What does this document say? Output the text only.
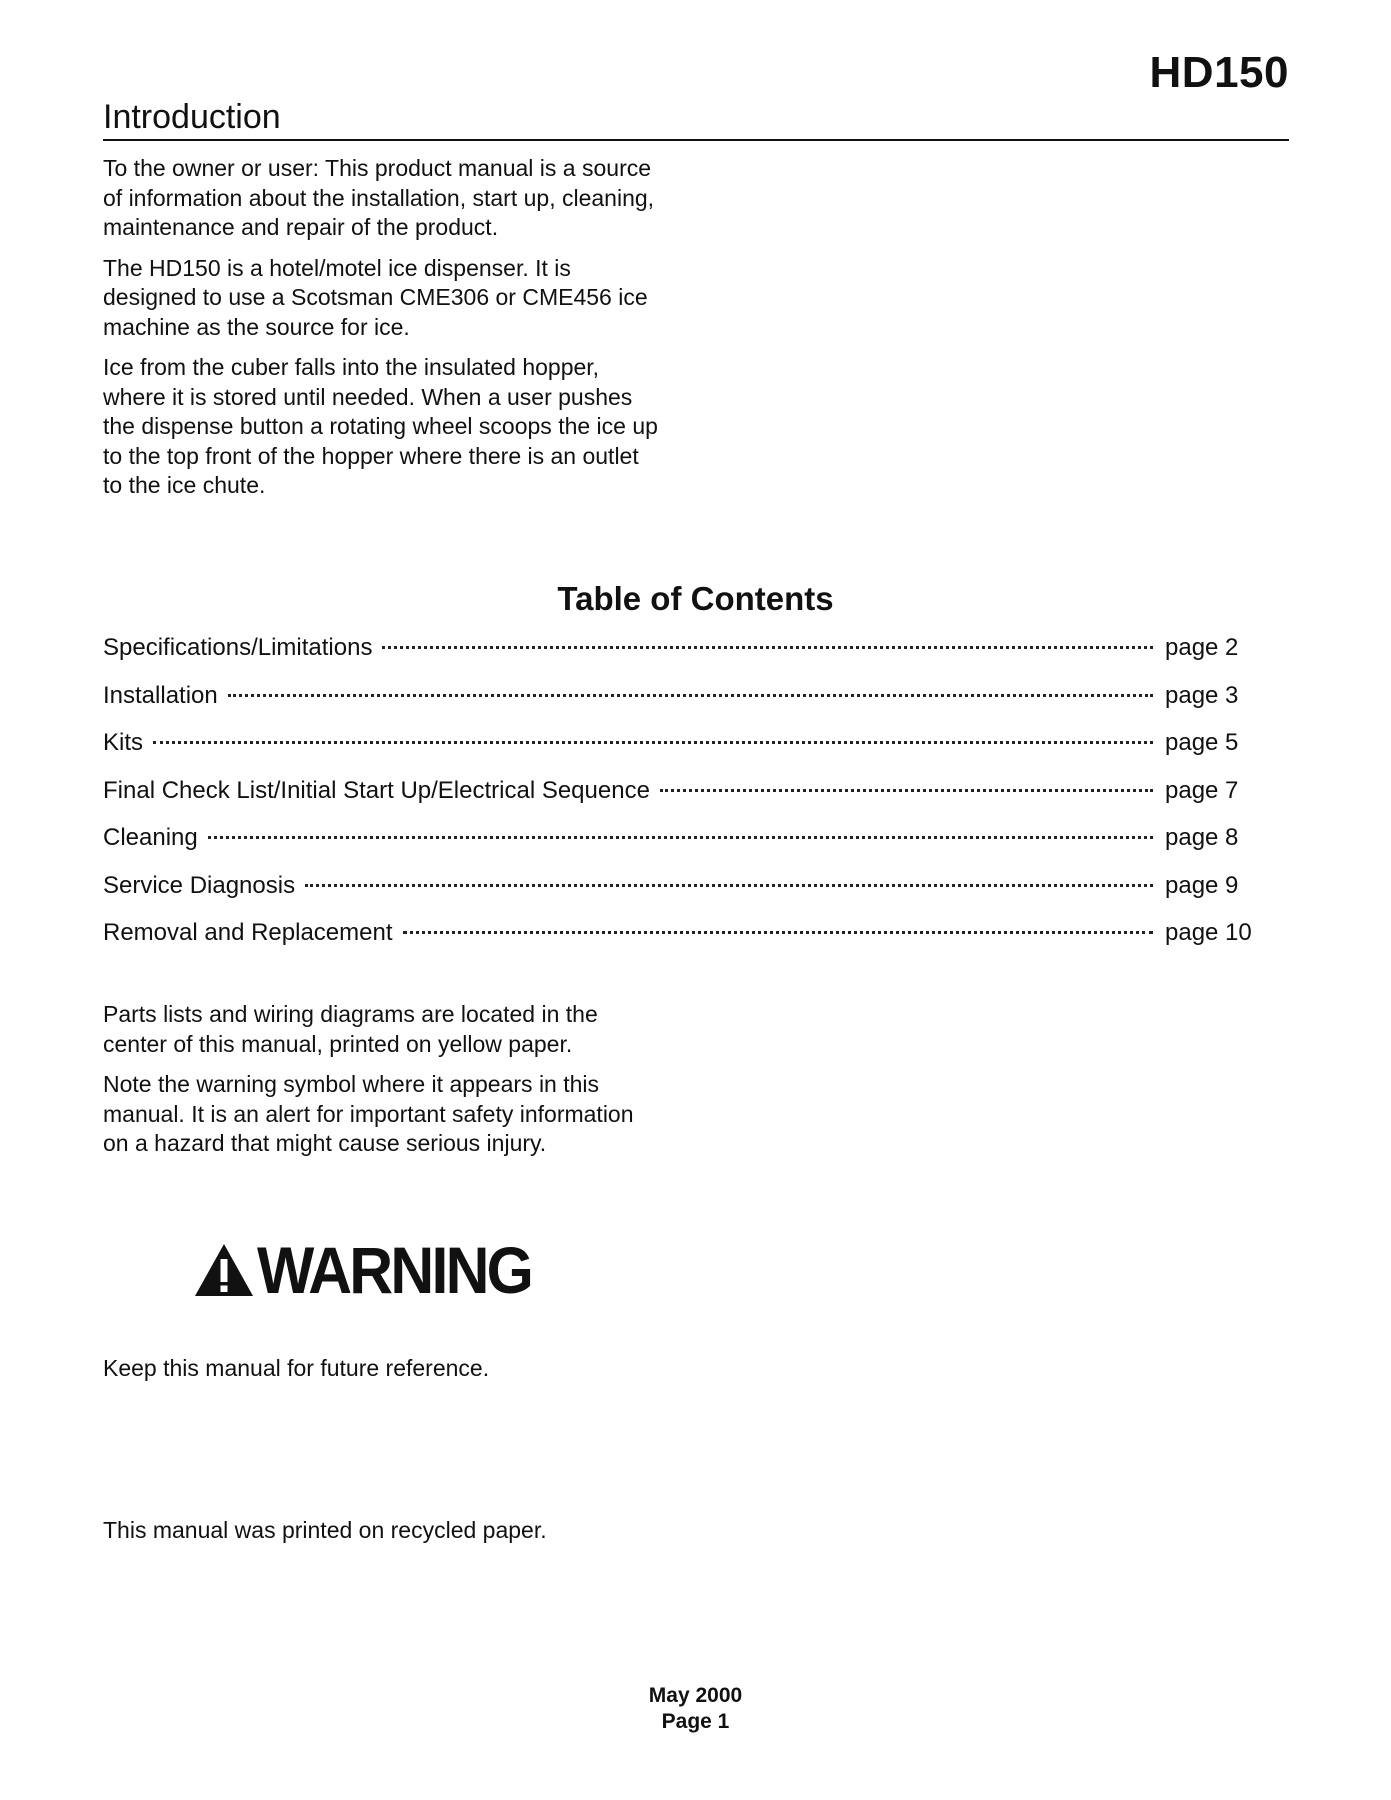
HD150
Introduction

To the owner or user: This product manual is a source of information about the installation, start up, cleaning, maintenance and repair of the product.

The HD150 is a hotel/motel ice dispenser. It is designed to use a Scotsman CME306 or CME456 ice machine as the source for ice.

Ice from the cuber falls into the insulated hopper, where it is stored until needed. When a user pushes the dispense button a rotating wheel scoops the ice up to the top front of the hopper where there is an outlet to the ice chute.

Table of Contents
Specifications/Limitations	page 2
Installation	page 3
Kits	page 5
Final Check List/Initial Start Up/Electrical Sequence	page 7
Cleaning	page 8
Service Diagnosis	page 9
Removal and Replacement	page 10

Parts lists and wiring diagrams are located in the center of this manual, printed on yellow paper.

Note the warning symbol where it appears in this manual. It is an alert for important safety information on a hazard that might cause serious injury.

WARNING
Keep this manual for future reference.
This manual was printed on recycled paper.
May 2000
Page 1
